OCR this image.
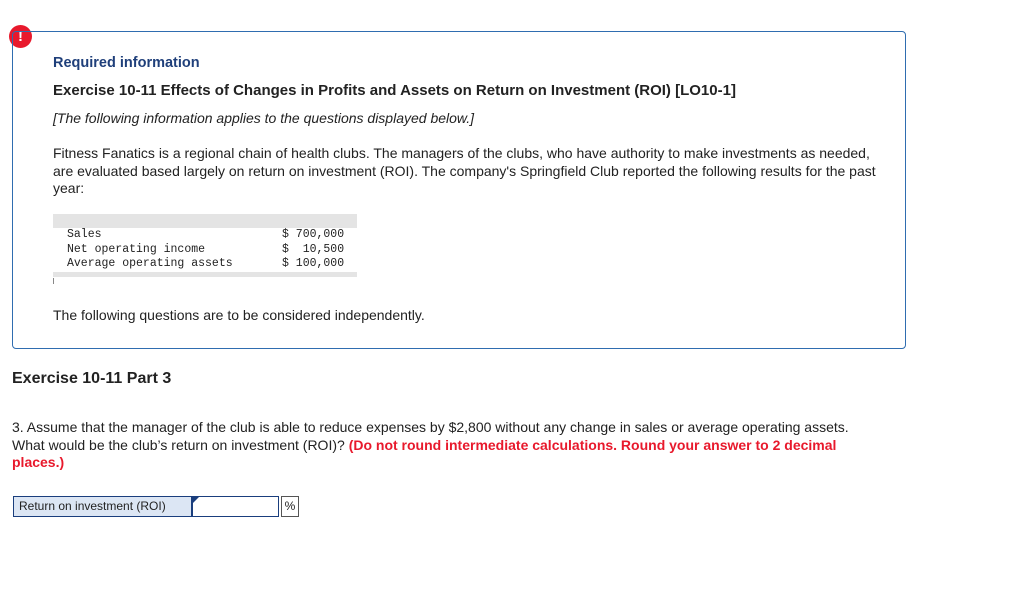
!
Required information
Exercise 10-11 Effects of Changes in Profits and Assets on Return on Investment (ROI) [LO10-1]
[The following information applies to the questions displayed below.]
Fitness Fanatics is a regional chain of health clubs. The managers of the clubs, who have authority to make investments as needed, are evaluated based largely on return on investment (ROI). The company's Springfield Club reported the following results for the past year:
Sales	$ 700,000
Net operating income	$  10,500
Average operating assets	$ 100,000
The following questions are to be considered independently.
Exercise 10-11 Part 3
3. Assume that the manager of the club is able to reduce expenses by $2,800 without any change in sales or average operating assets. What would be the club’s return on investment (ROI)? (Do not round intermediate calculations. Round your answer to 2 decimal places.)
Return on investment (ROI)	%
